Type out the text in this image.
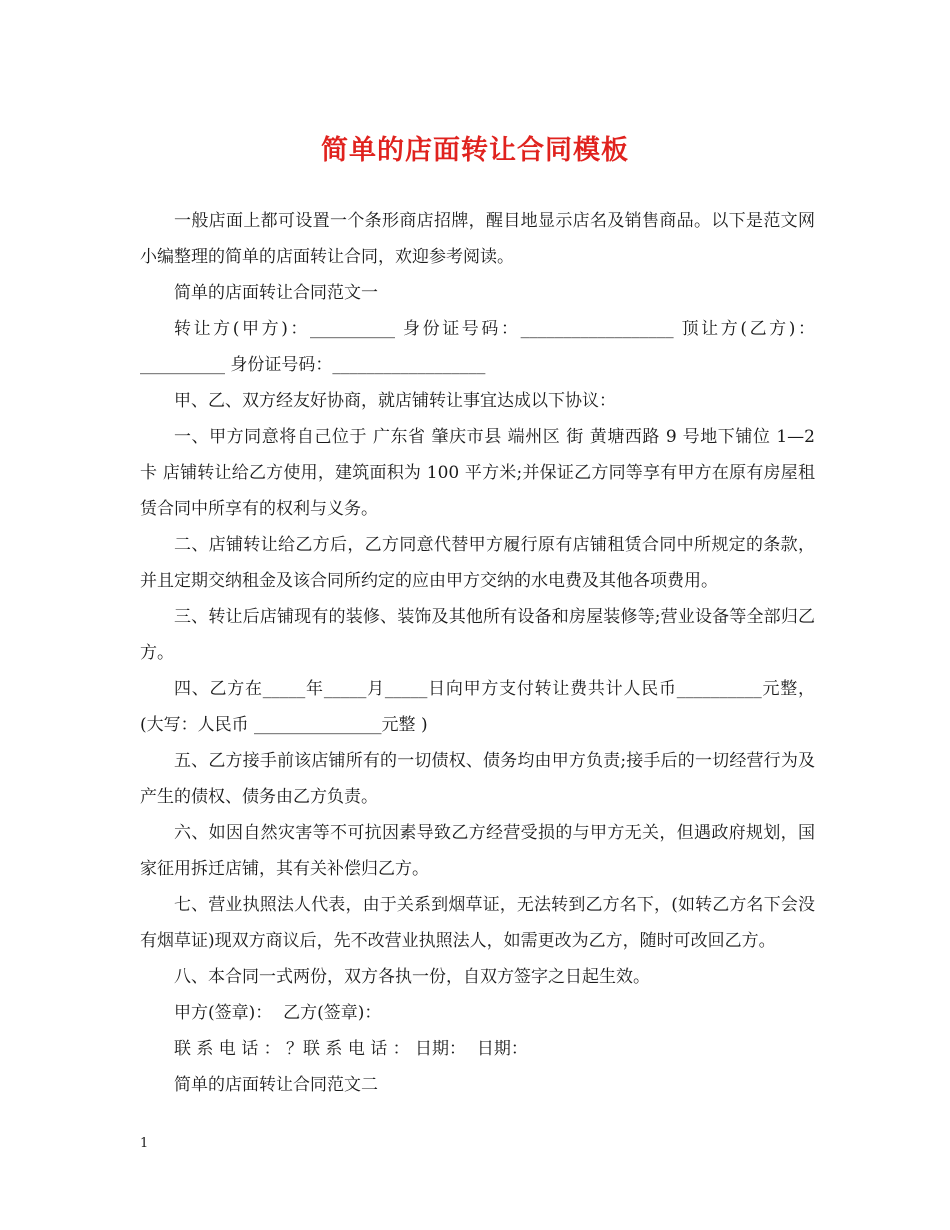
简单的店面转让合同模板

一般店面上都可设置一个条形商店招牌，醒目地显示店名及销售商品。以下是范文网小编整理的简单的店面转让合同，欢迎参考阅读。

简单的店面转让合同范文一

转让方(甲方)：__________ 身份证号码：__________________ 顶让方(乙方)：__________ 身份证号码：__________________

甲、乙、双方经友好协商，就店铺转让事宜达成以下协议：

一、甲方同意将自己位于 广东省 肇庆市县 端州区 街 黄塘西路 9 号地下铺位 1—2 卡 店铺转让给乙方使用，建筑面积为 100 平方米;并保证乙方同等享有甲方在原有房屋租赁合同中所享有的权利与义务。

二、店铺转让给乙方后，乙方同意代替甲方履行原有店铺租赁合同中所规定的条款，并且定期交纳租金及该合同所约定的应由甲方交纳的水电费及其他各项费用。

三、转让后店铺现有的装修、装饰及其他所有设备和房屋装修等;营业设备等全部归乙方。

四、乙方在_____年_____月_____日向甲方支付转让费共计人民币__________元整，(大写：人民币 _______________元整 )

五、乙方接手前该店铺所有的一切债权、债务均由甲方负责;接手后的一切经营行为及产生的债权、债务由乙方负责。

六、如因自然灾害等不可抗因素导致乙方经营受损的与甲方无关，但遇政府规划，国家征用拆迁店铺，其有关补偿归乙方。

七、营业执照法人代表，由于关系到烟草证，无法转到乙方名下，(如转乙方名下会没有烟草证)现双方商议后，先不改营业执照法人，如需更改为乙方，随时可改回乙方。

八、本合同一式两份，双方各执一份，自双方签字之日起生效。

甲方(签章)：  乙方(签章)：

联 系 电 话 ： ？联 系 电 话 ： 日期：  日期：

简单的店面转让合同范文二

1
